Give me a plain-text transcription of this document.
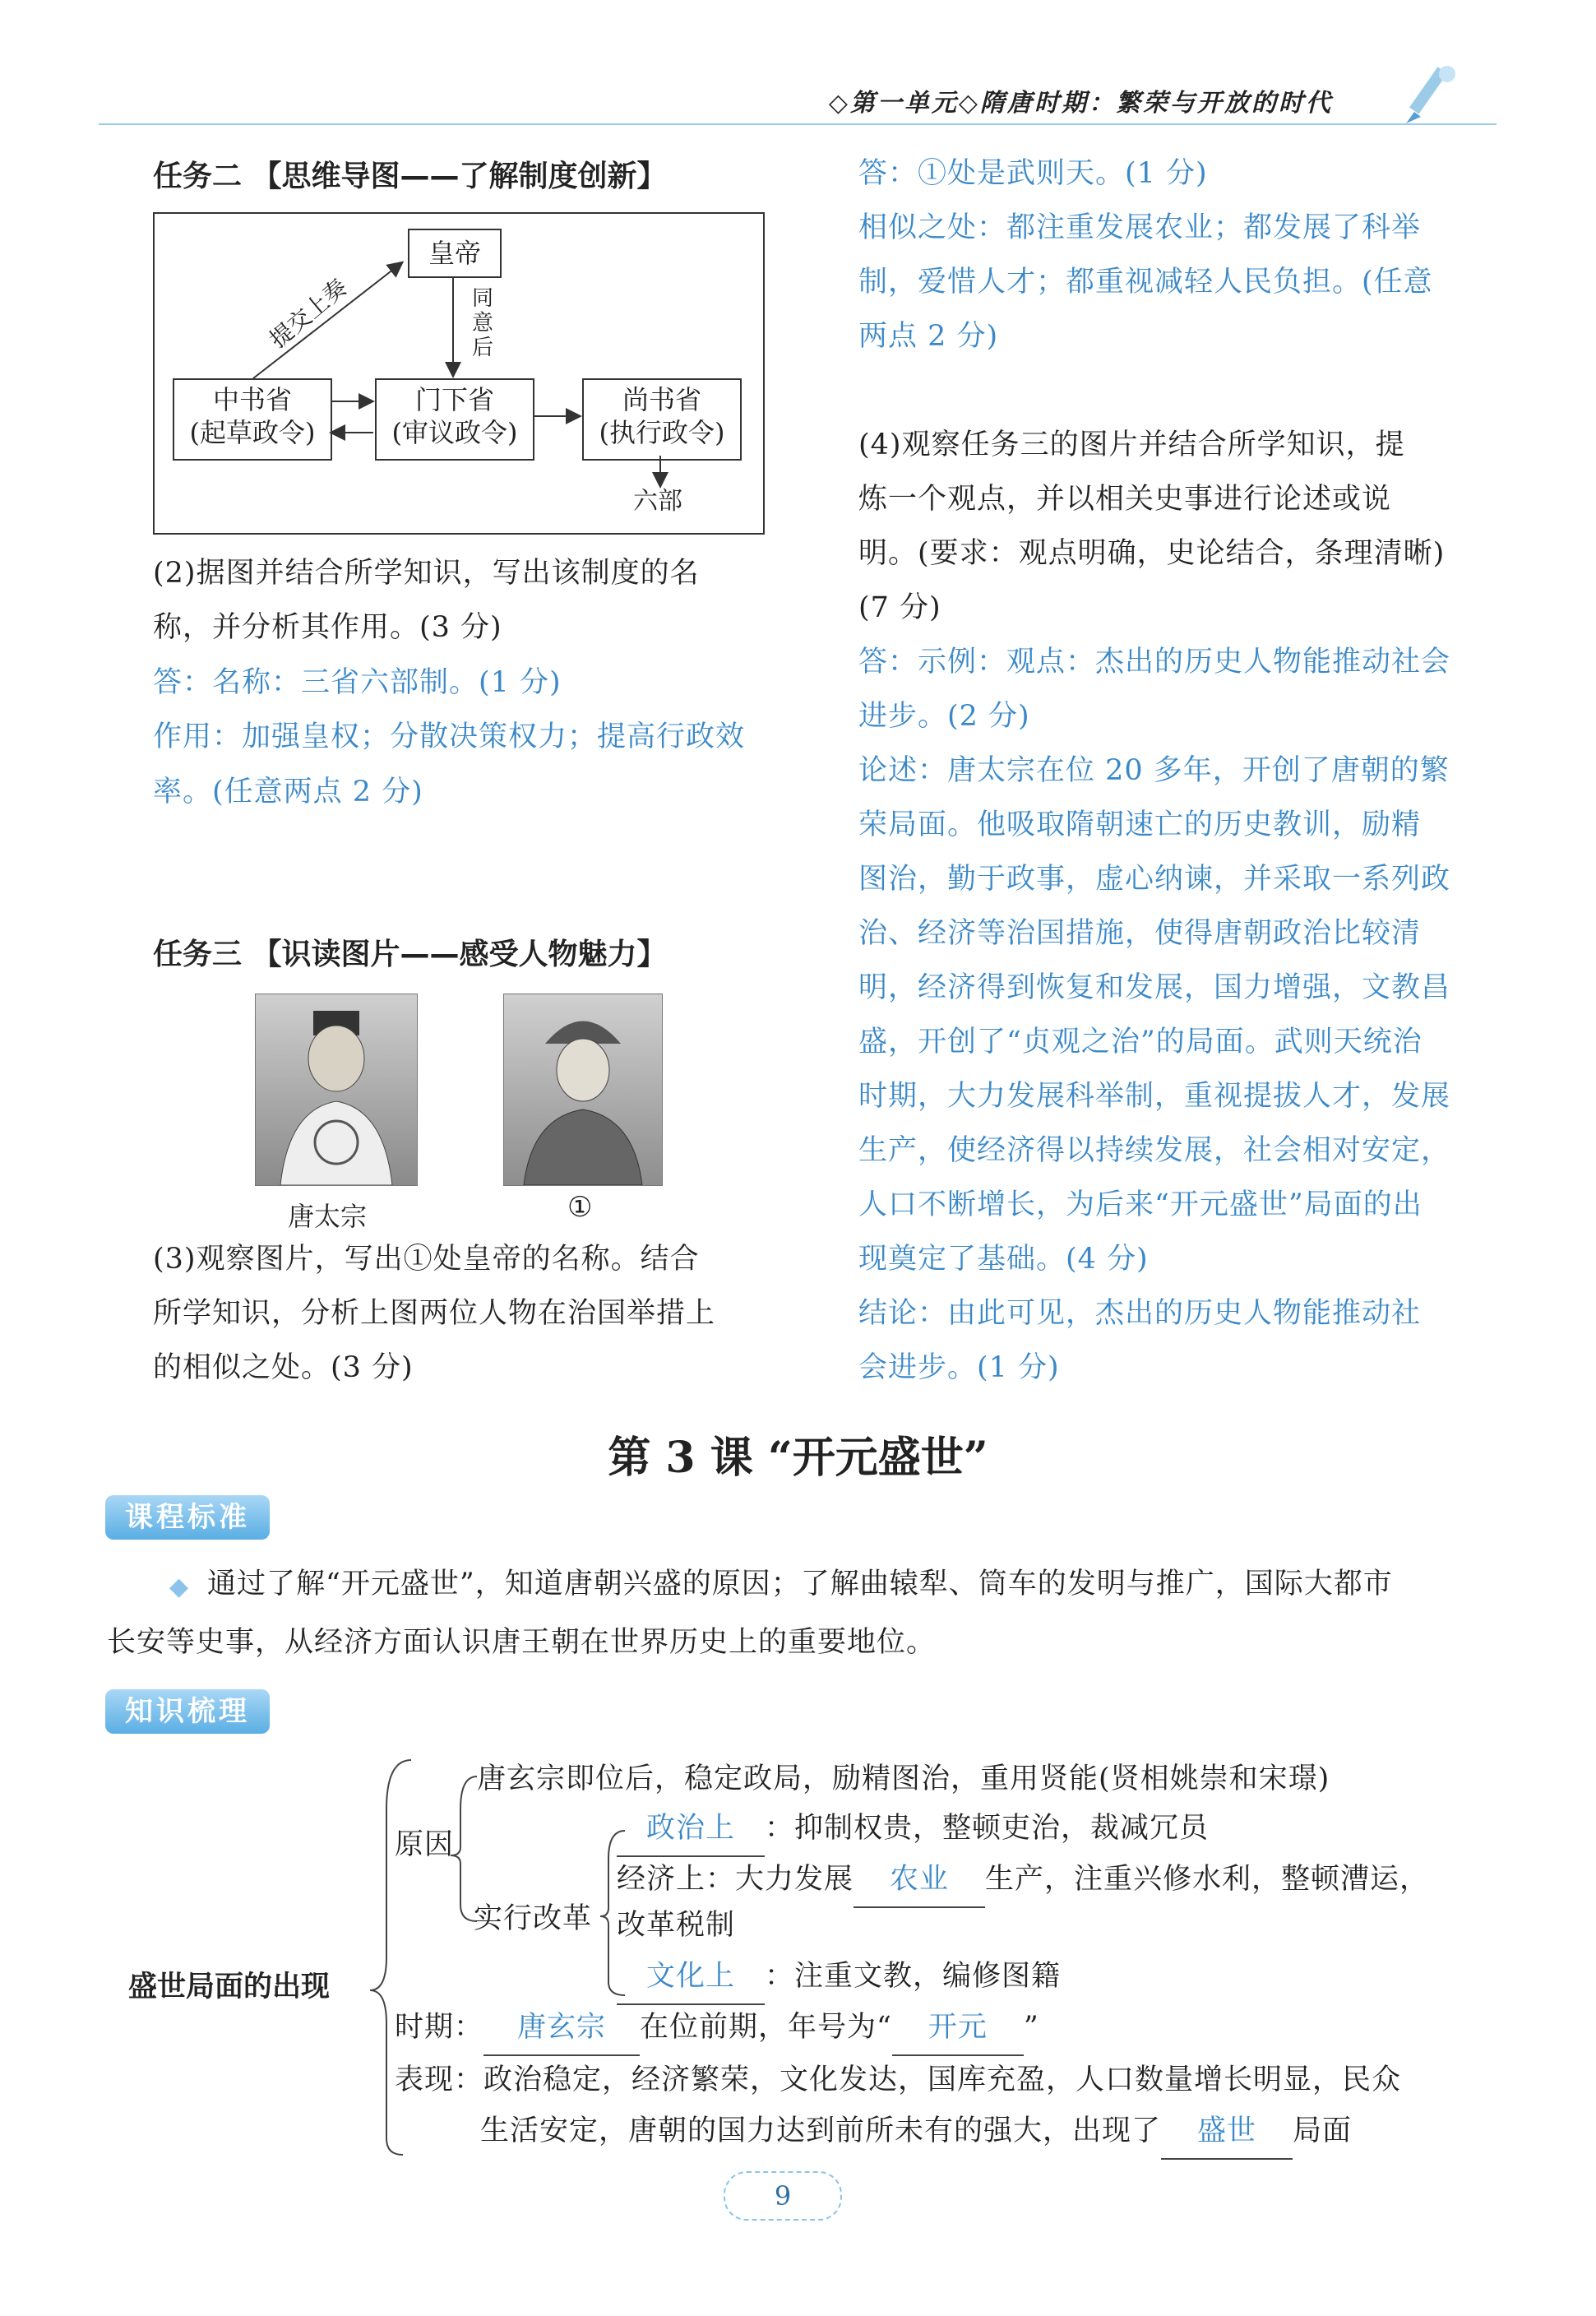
◇第一单元◇隋唐时期：繁荣与开放的时代
任务二 【思维导图——了解制度创新】
皇帝
提交上奏	同意后
中书省
(起草政令)
门下省
(审议政令)
尚书省
(执行政令)
六部
(2)据图并结合所学知识，写出该制度的名
称，并分析其作用。(3 分)
答：名称：三省六部制。(1 分)
作用：加强皇权；分散决策权力；提高行政效
率。(任意两点 2 分)
任务三 【识读图片——感受人物魅力】
唐太宗	①
(3)观察图片，写出①处皇帝的名称。结合
所学知识，分析上图两位人物在治国举措上
的相似之处。(3 分)
答：①处是武则天。(1 分)
相似之处：都注重发展农业；都发展了科举
制，爱惜人才；都重视减轻人民负担。(任意
两点 2 分)
(4)观察任务三的图片并结合所学知识，提
炼一个观点，并以相关史事进行论述或说
明。(要求：观点明确，史论结合，条理清晰)
(7 分)
答：示例：观点：杰出的历史人物能推动社会
进步。(2 分)
论述：唐太宗在位 20 多年，开创了唐朝的繁
荣局面。他吸取隋朝速亡的历史教训，励精
图治，勤于政事，虚心纳谏，并采取一系列政
治、经济等治国措施，使得唐朝政治比较清
明，经济得到恢复和发展，国力增强，文教昌
盛，开创了“贞观之治”的局面。武则天统治
时期，大力发展科举制，重视提拔人才，发展
生产，使经济得以持续发展，社会相对安定，
人口不断增长，为后来“开元盛世”局面的出
现奠定了基础。(4 分)
结论：由此可见，杰出的历史人物能推动社
会进步。(1 分)
第 3 课 “开元盛世”
课程标准
◆ 通过了解“开元盛世”，知道唐朝兴盛的原因；了解曲辕犁、筒车的发明与推广，国际大都市
长安等史事，从经济方面认识唐王朝在世界历史上的重要地位。
知识梳理
盛世局面的出现
原因
唐玄宗即位后，稳定政局，励精图治，重用贤能(贤相姚崇和宋璟)
实行改革
政治上 ：抑制权贵，整顿吏治，裁减冗员
经济上：大力发展 农业 生产，注重兴修水利，整顿漕运，
改革税制
文化上 ：注重文教，编修图籍
时期： 唐玄宗 在位前期，年号为“ 开元 ”
表现：政治稳定，经济繁荣，文化发达，国库充盈，人口数量增长明显，民众
生活安定，唐朝的国力达到前所未有的强大，出现了 盛世 局面
9
